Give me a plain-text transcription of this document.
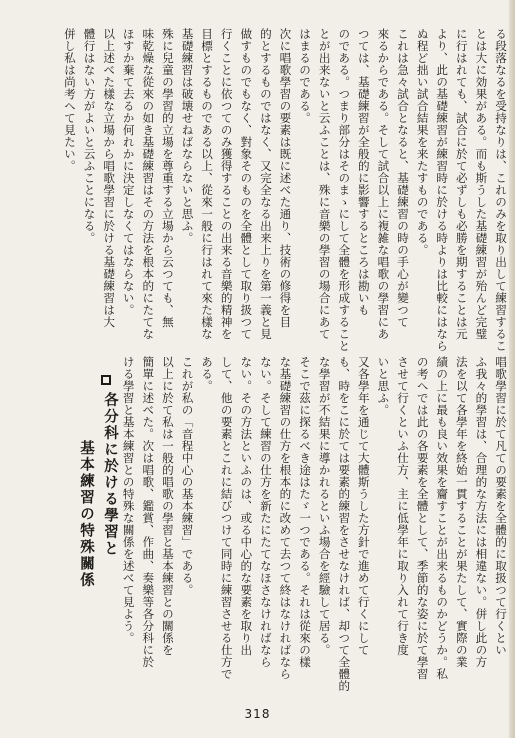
る段落なるを受持なりは、これのみを取り出して練習するこ
とは大に効果がある。而も斯うした基礎練習が殆んど完璧
に行はれても、試合に於て必ずしも必勝を期することは元
より、此の基礎練習が練習時に於ける時よりは比較にはなら
ぬ程ど拙い試合結果を来たすものである。
これは急々試合となると、基礎練習の時の手心が變つて
來るからである。そして試合以上に複雑な唱歌の學習にあ
つては、基礎練習が全般的に影響するところは勘いも
のである。つまり部分はそのまゝにして全體を形成すること
とが出来ないと云ふことは、殊に音樂の學習の場合にあて
はまるのである。
次に唱歌學習の要素は既に述べた通り、技術の修得を目
的とするものではなく、又完全なる出来上りを第一義と見
做すものでもなく、對象そのものを全體として取り扱つて
行くことに依つてのみ獲得することの出来る音樂的精神を
目標とするものである以上、從來一般に行はれて來た樣な
基礎練習は破壊せねばならないと思ふ。
殊に兒童の學習的立場を尊重する立場から云つても、無
味乾燥な從來の如き基礎練習はその方法を根本的にたてな
ほすか棄て去るか何れかに決定しなくてはならない。
以上述べた樣な立場から唱歌學習に於ける基礎練習は大
體行はない方がよいと云ふことになる。
併し私は尚考へて見たい。
唱歌學習に於て凡ての要素を全體的に取扱つて行くとい
ふ我々的學習は、合理的な方法には相違ない。併し此の方
法を以て各學年を終始一貫することが果たして、實際の業
績の上に最も良い效果を齎すことが出来るものかどうか。私
の考へでは此の各要素を全體として、季節的な姿に於て學習
させて行くといふ仕方、主に低學年に取り入れて行き度
いと思ふ。
又各學年を通じて大體斯うした方針で進めて行くにして
も、時をこに於ては要素的練習をさせなければ、却つて全體的
な學習が不結果に導かれるといふ場合を經驗して居る。
そこで茲に探るべき途はたゞ一つである。それは從來の樣
な基礎練習の仕方を根本的に改めて去つて終はなければなら
ない。そして練習の仕方を新たにたてなほさなければなら
ない。その方法といふのは、或る中心的な要素を取り出
して、他の要素とこれに結びつけて同時に練習させる仕方で
ある。
これが私の「音程中心の基本練習」である。
以上に於て私は一般的唱歌の學習と基本練習との關係を
簡單に述べた。次は唱歌、鑑賞、作曲、奏樂等各分科に於
ける學習と基本練習との特殊な關係を述べて見よう。
各分科に於ける學習と
基本練習の特殊關係
318
